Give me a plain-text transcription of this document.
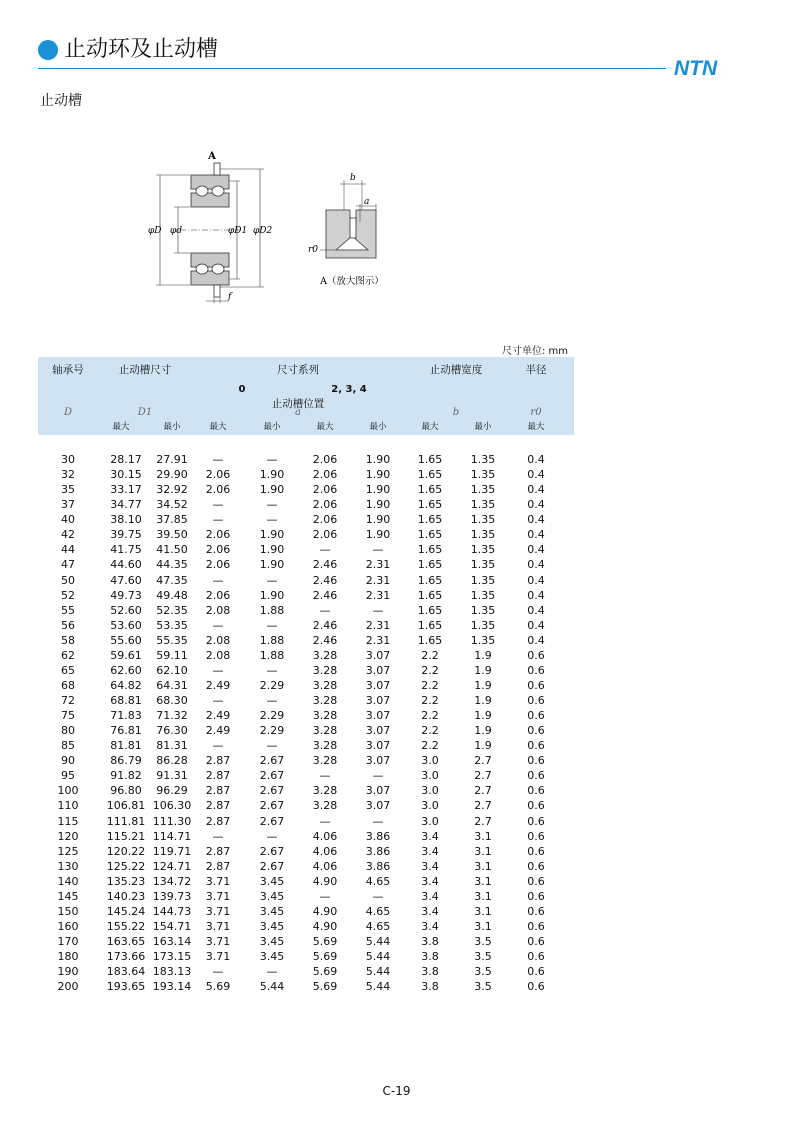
止动环及止动槽
NTN
止动槽
A
φD φd	φD1 φD2
f
b
a
r0
A（放大图示）
尺寸单位: mm
轴承号	止动槽尺寸	尺寸系列	止动槽宽度	半径
0	2, 3, 4
止动槽位置
D	D1	a	b	r0
最大	最小	最大	最小	最大	最小	最大	最小	最大
30	28.17 27.91 —	—	2.06	1.90	1.65	1.35	0.4
32	30.15 29.90 2.06	1.90	2.06	1.90	1.65	1.35	0.4
35	33.17 32.92 2.06	1.90	2.06	1.90	1.65	1.35	0.4
37	34.77 34.52 —	—	2.06	1.90	1.65	1.35	0.4
40	38.10 37.85 —	—	2.06	1.90	1.65	1.35	0.4
42	39.75 39.50 2.06	1.90	2.06	1.90	1.65	1.35	0.4
44	41.75 41.50 2.06	1.90	—	—	1.65	1.35	0.4
47	44.60 44.35 2.06	1.90	2.46	2.31	1.65	1.35	0.4
50	47.60 47.35 —	—	2.46	2.31	1.65	1.35	0.4
52	49.73 49.48 2.06	1.90	2.46	2.31	1.65	1.35	0.4
55	52.60 52.35 2.08	1.88	—	—	1.65	1.35	0.4
56	53.60 53.35 —	—	2.46	2.31	1.65	1.35	0.4
58	55.60 55.35 2.08	1.88	2.46	2.31	1.65	1.35	0.4
62	59.61 59.11 2.08	1.88	3.28	3.07	2.2	1.9	0.6
65	62.60 62.10 —	—	3.28	3.07	2.2	1.9	0.6
68	64.82 64.31 2.49	2.29	3.28	3.07	2.2	1.9	0.6
72	68.81 68.30 —	—	3.28	3.07	2.2	1.9	0.6
75	71.83 71.32 2.49	2.29	3.28	3.07	2.2	1.9	0.6
80	76.81 76.30 2.49	2.29	3.28	3.07	2.2	1.9	0.6
85	81.81 81.31 —	—	3.28	3.07	2.2	1.9	0.6
90	86.79 86.28 2.87	2.67	3.28	3.07	3.0	2.7	0.6
95	91.82 91.31 2.87	2.67	—	—	3.0	2.7	0.6
100	96.80 96.29 2.87	2.67	3.28	3.07	3.0	2.7	0.6
110	106.81 106.30 2.87	2.67	3.28	3.07	3.0	2.7	0.6
115	111.81 111.30 2.87	2.67	—	—	3.0	2.7	0.6
120	115.21 114.71 —	—	4.06	3.86	3.4	3.1	0.6
125	120.22 119.71 2.87	2.67	4.06	3.86	3.4	3.1	0.6
130	125.22 124.71 2.87	2.67	4.06	3.86	3.4	3.1	0.6
140	135.23 134.72 3.71	3.45	4.90	4.65	3.4	3.1	0.6
145	140.23 139.73 3.71	3.45	—	—	3.4	3.1	0.6
150	145.24 144.73 3.71	3.45	4.90	4.65	3.4	3.1	0.6
160	155.22 154.71 3.71	3.45	4.90	4.65	3.4	3.1	0.6
170	163.65 163.14 3.71	3.45	5.69	5.44	3.8	3.5	0.6
180	173.66 173.15 3.71	3.45	5.69	5.44	3.8	3.5	0.6
190	183.64 183.13 —	—	5.69	5.44	3.8	3.5	0.6
200	193.65 193.14 5.69	5.44	5.69	5.44	3.8	3.5	0.6
C-19
